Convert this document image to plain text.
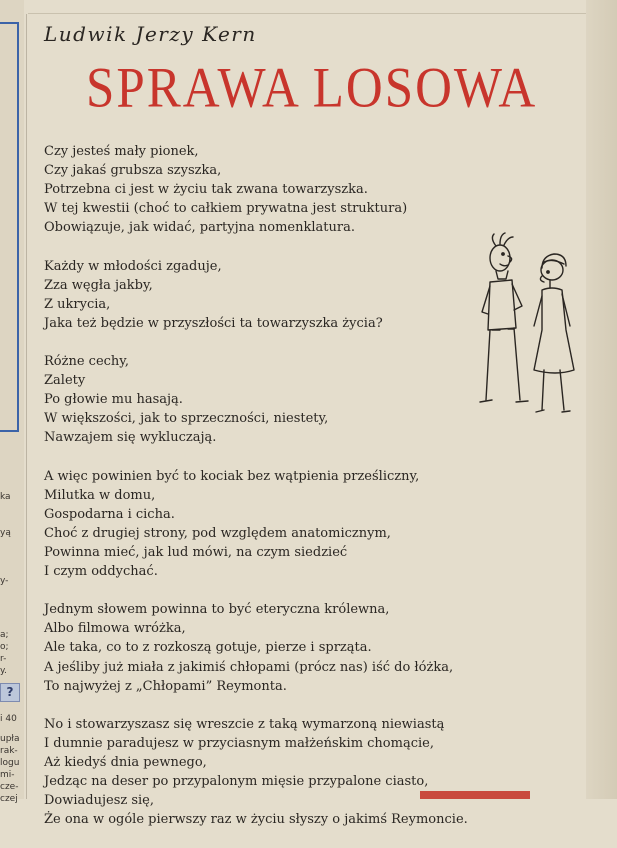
ka
yą
y-
a;
o;
r-
y.
i 40
upła
rak-
logu
mi-
cze-
czej
?
Ludwik Jerzy Kern
SPRAWA LOSOWA
Czy jesteś mały pionek,
Czy jakaś grubsza szyszka,
Potrzebna ci jest w życiu tak zwana towarzyszka.
W tej kwestii (choć to całkiem prywatna jest struktura)
Obowiązuje, jak widać, partyjna nomenklatura.
Każdy w młodości zgaduje,
Zza węgła jakby,
Z ukrycia,
Jaka też będzie w przyszłości ta towarzyszka życia?
Różne cechy,
Zalety
Po głowie mu hasają.
W większości, jak to sprzeczności, niestety,
Nawzajem się wykluczają.
A więc powinien być to kociak bez wątpienia prześliczny,
Milutka w domu,
Gospodarna i cicha.
Choć z drugiej strony, pod względem anatomicznym,
Powinna mieć, jak lud mówi, na czym siedzieć
I czym oddychać.
Jednym słowem powinna to być eteryczna królewna,
Albo filmowa wróżka,
Ale taka, co to z rozkoszą gotuje, pierze i sprząta.
A jeśliby już miała z jakimiś chłopami (prócz nas) iść do łóżka,
To najwyżej z „Chłopami” Reymonta.
No i stowarzyszasz się wreszcie z taką wymarzoną niewiastą
I dumnie paradujesz w przyciasnym małżeńskim chomącie,
Aż kiedyś dnia pewnego,
Jedząc na deser po przypalonym mięsie przypalone ciasto,
Dowiadujesz się,
Że ona w ogóle pierwszy raz w życiu słyszy o jakimś Reymoncie.
